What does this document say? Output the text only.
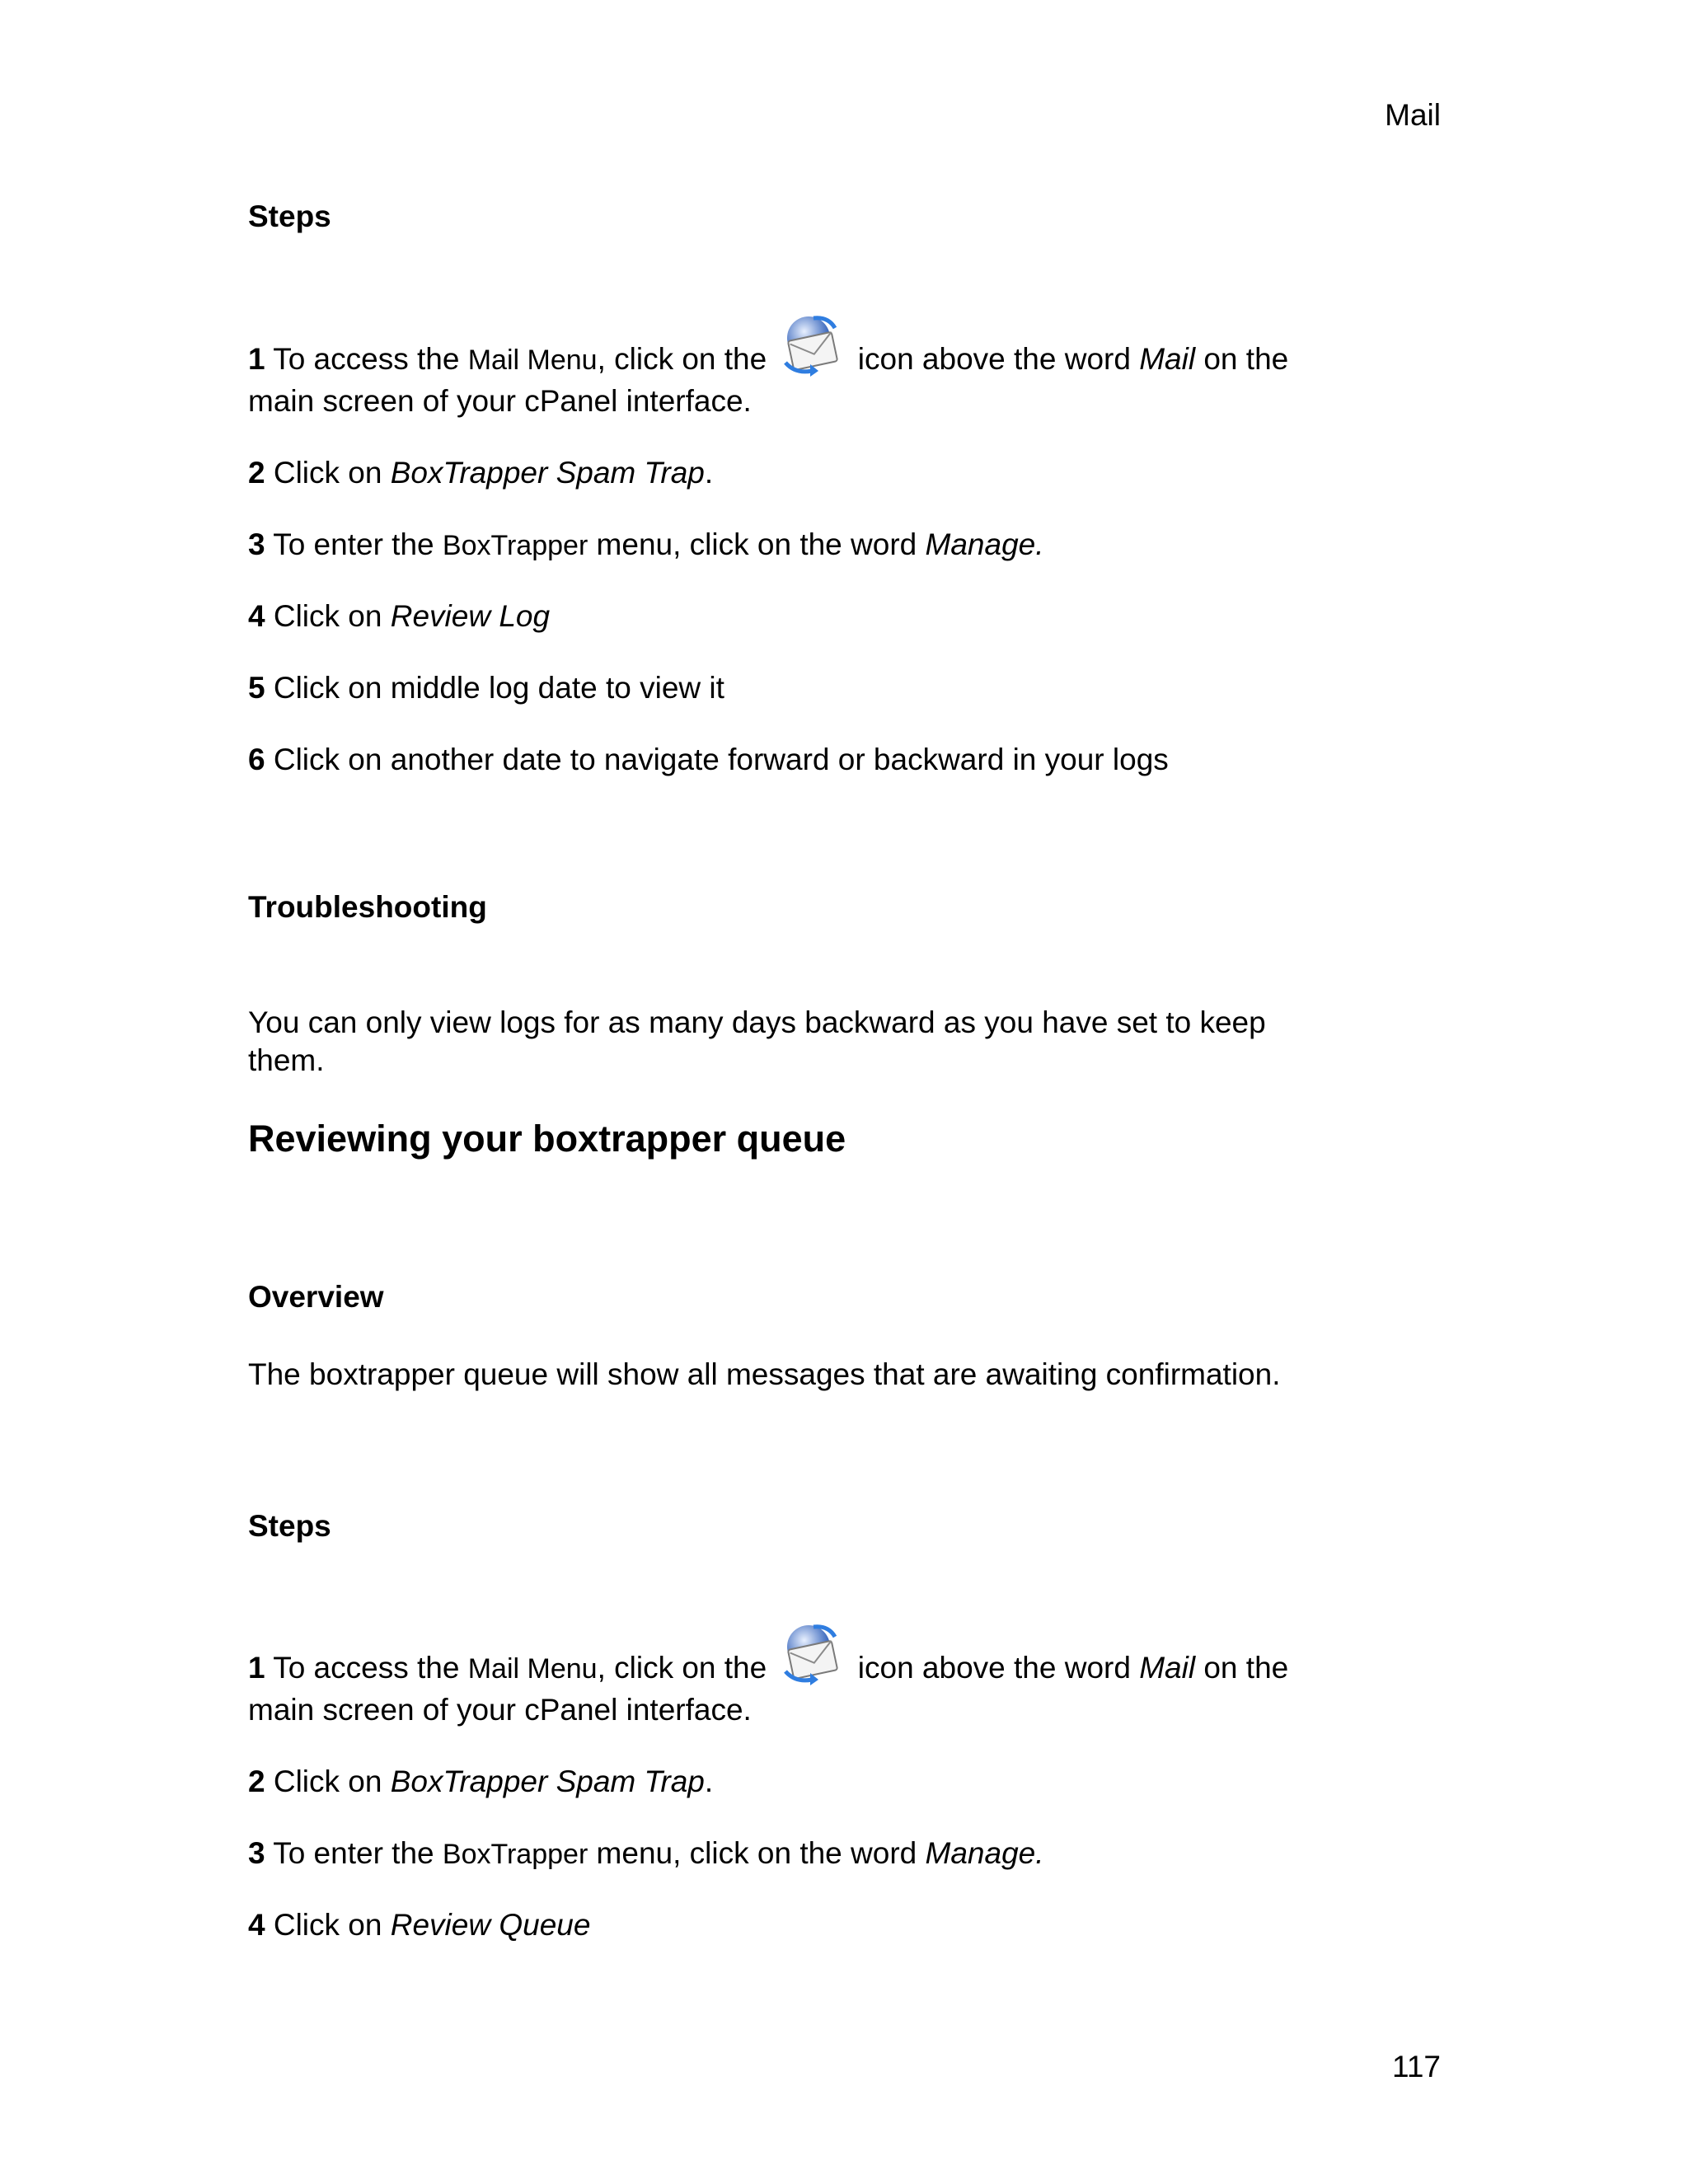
Mail
Steps
1 To access the Mail Menu, click on the	icon above the word Mail on the
main screen of your cPanel interface.
2 Click on BoxTrapper Spam Trap.
3 To enter the BoxTrapper menu, click on the word Manage.
4 Click on Review Log
5 Click on middle log date to view it
6 Click on another date to navigate forward or backward in your logs
Troubleshooting
You can only view logs for as many days backward as you have set to keep
them.
Reviewing your boxtrapper queue
Overview
The boxtrapper queue will show all messages that are awaiting confirmation.
Steps
1 To access the Mail Menu, click on the	icon above the word Mail on the
main screen of your cPanel interface.
2 Click on BoxTrapper Spam Trap.
3 To enter the BoxTrapper menu, click on the word Manage.
4 Click on Review Queue
117
